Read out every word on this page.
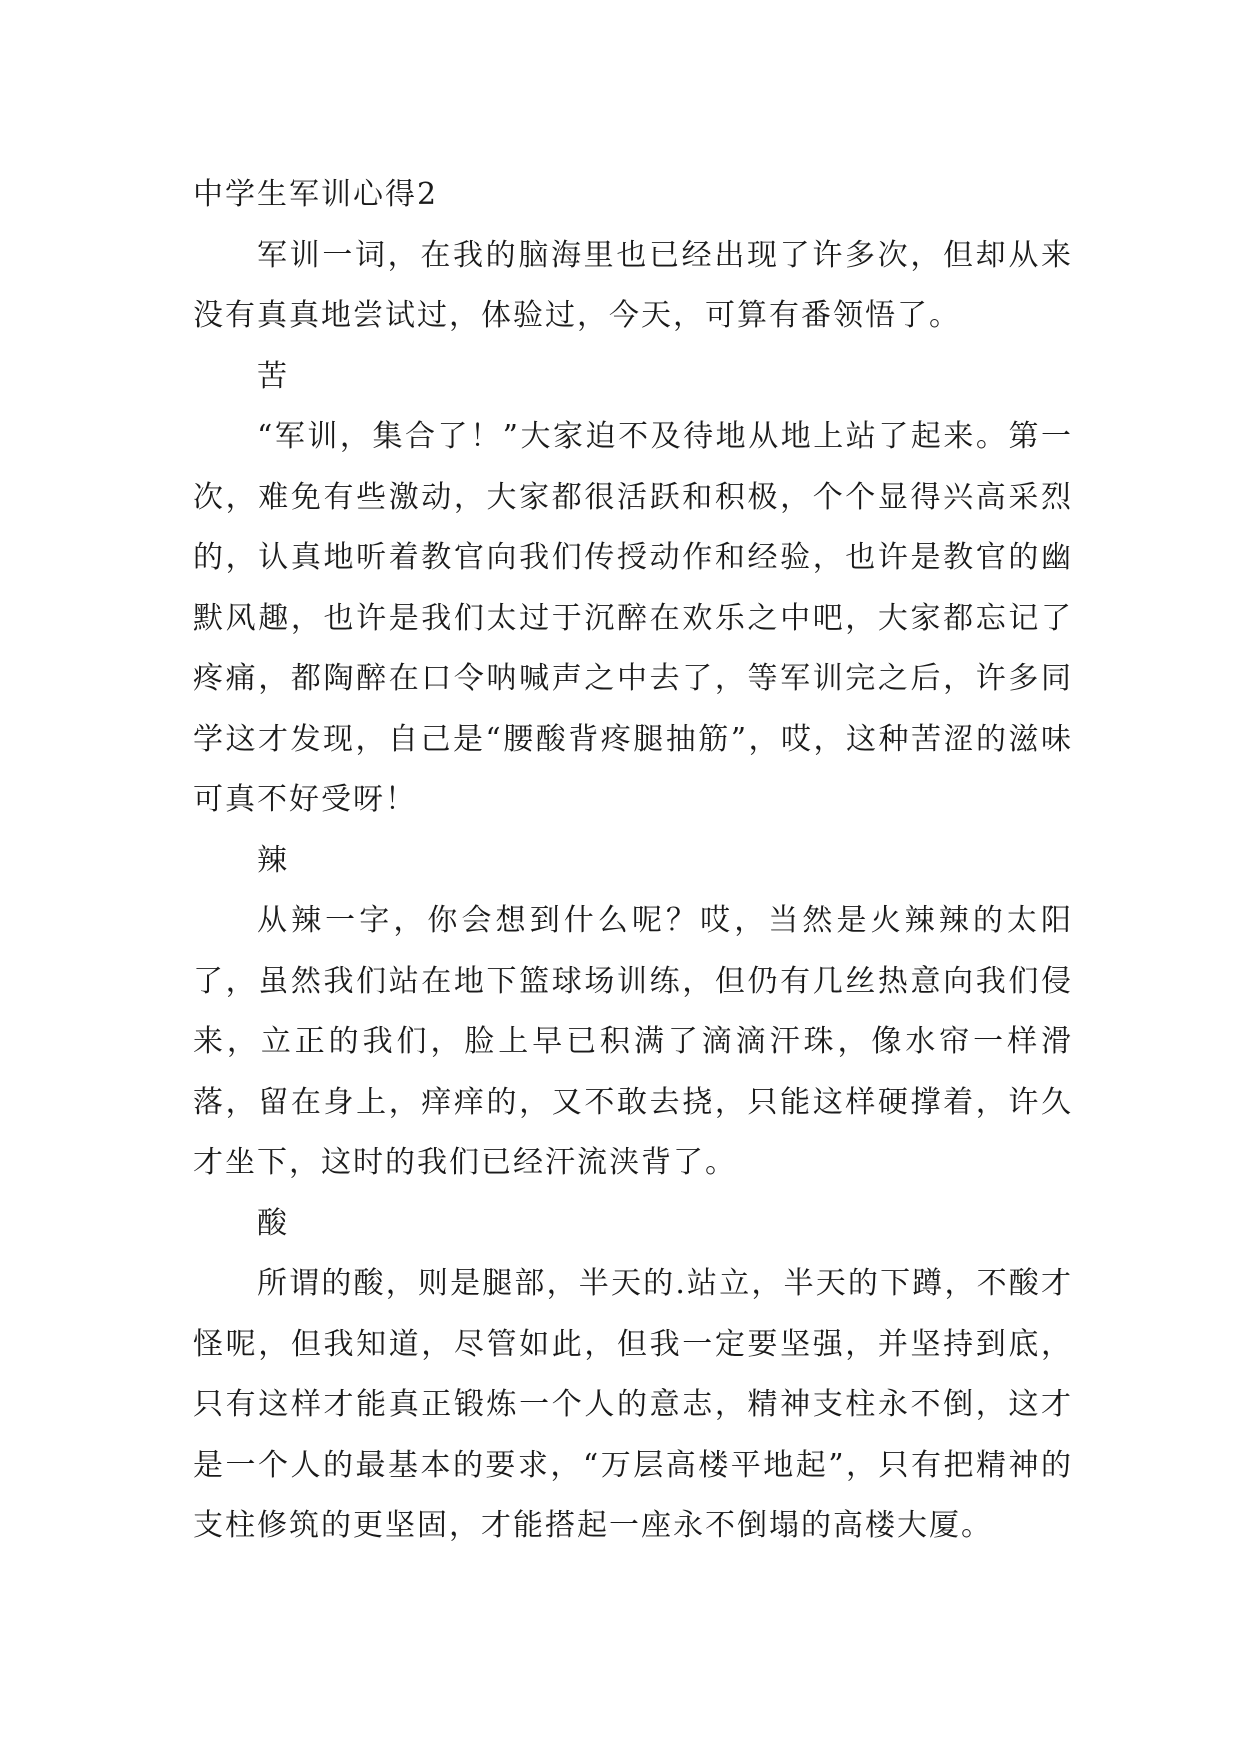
中学生军训心得2

军训一词，在我的脑海里也已经出现了许多次，但却从来没有真真地尝试过，体验过，今天，可算有番领悟了。

苦

“军训，集合了！”大家迫不及待地从地上站了起来。第一次，难免有些激动，大家都很活跃和积极，个个显得兴高采烈的，认真地听着教官向我们传授动作和经验，也许是教官的幽默风趣，也许是我们太过于沉醉在欢乐之中吧，大家都忘记了疼痛，都陶醉在口令呐喊声之中去了，等军训完之后，许多同学这才发现，自己是“腰酸背疼腿抽筋”，哎，这种苦涩的滋味可真不好受呀！

辣

从辣一字，你会想到什么呢？哎，当然是火辣辣的太阳了，虽然我们站在地下篮球场训练，但仍有几丝热意向我们侵来，立正的我们，脸上早已积满了滴滴汗珠，像水帘一样滑落，留在身上，痒痒的，又不敢去挠，只能这样硬撑着，许久才坐下，这时的我们已经汗流浃背了。

酸

所谓的酸，则是腿部，半天的.站立，半天的下蹲，不酸才怪呢，但我知道，尽管如此，但我一定要坚强，并坚持到底，只有这样才能真正锻炼一个人的意志，精神支柱永不倒，这才是一个人的最基本的要求，“万层高楼平地起”，只有把精神的支柱修筑的更坚固，才能搭起一座永不倒塌的高楼大厦。
